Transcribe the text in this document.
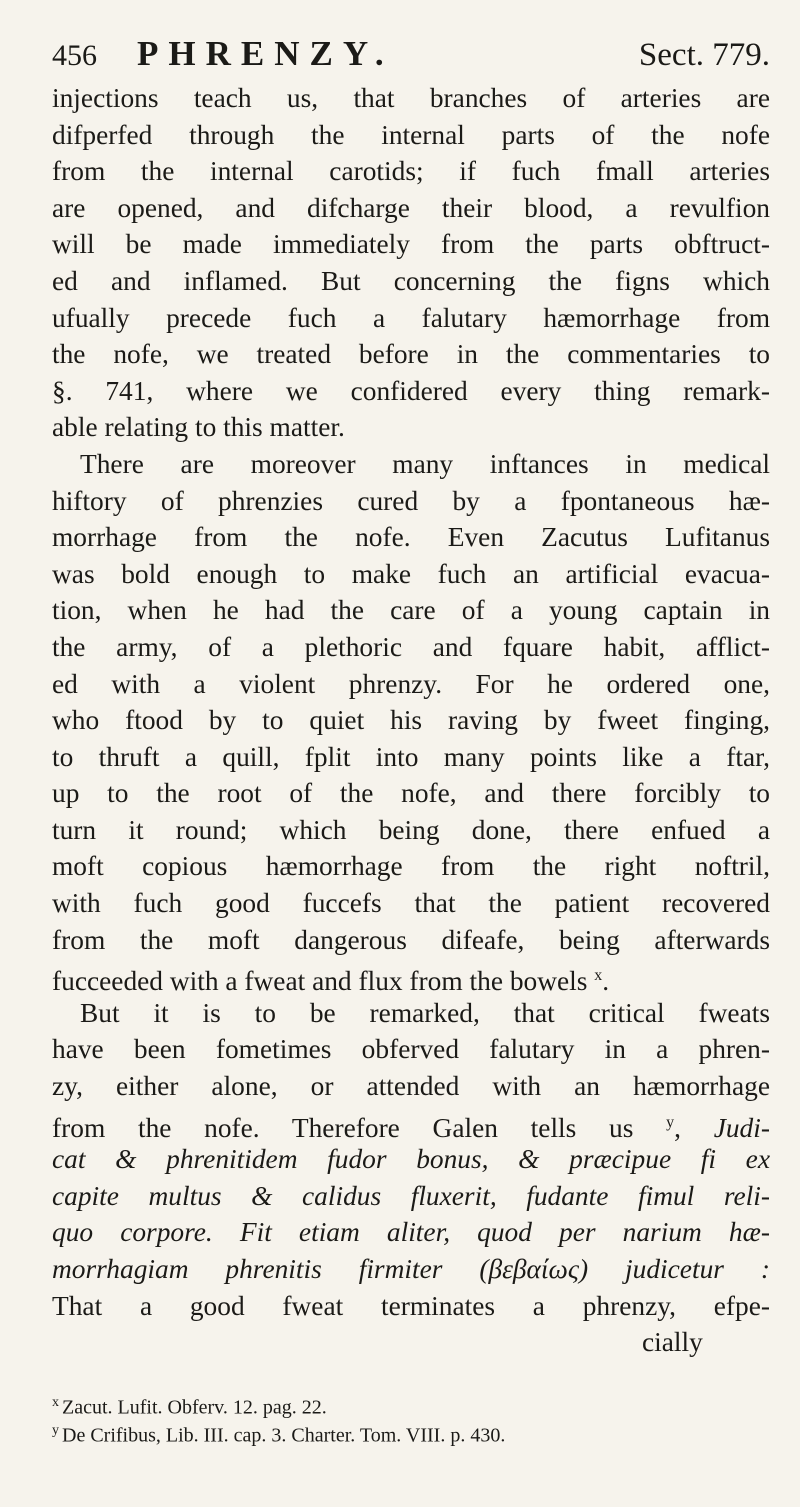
456	PHRENZY.	Sect. 779.
injections teach us, that branches of arteries are
difperfed through the internal parts of the nofe
from the internal carotids; if fuch fmall arteries
are opened, and difcharge their blood, a revulfion
will be made immediately from the parts obftruct-
ed and inflamed. But concerning the figns which
ufually precede fuch a falutary hæmorrhage from
the nofe, we treated before in the commentaries to
§. 741, where we confidered every thing remark-
able relating to this matter.
There are moreover many inftances in medical
hiftory of phrenzies cured by a fpontaneous hæ-
morrhage from the nofe. Even Zacutus Lufitanus
was bold enough to make fuch an artificial evacua-
tion, when he had the care of a young captain in
the army, of a plethoric and fquare habit, afflict-
ed with a violent phrenzy. For he ordered one,
who ftood by to quiet his raving by fweet finging,
to thruft a quill, fplit into many points like a ftar,
up to the root of the nofe, and there forcibly to
turn it round; which being done, there enfued a
moft copious hæmorrhage from the right noftril,
with fuch good fuccefs that the patient recovered
from the moft dangerous difeafe, being afterwards
fucceeded with a fweat and flux from the bowels $^x$.
But it is to be remarked, that critical fweats
have been fometimes obferved falutary in a phren-
zy, either alone, or attended with an hæmorrhage
from the nofe. Therefore Galen tells us $^y$, Judi-
cat & phrenitidem fudor bonus, & præcipue fi ex
capite multus & calidus fluxerit, fudante fimul reli-
quo corpore. Fit etiam aliter, quod per narium hæ-
morrhagiam phrenitis firmiter (βεβαίως) judicetur :
That a good fweat terminates a phrenzy, efpe-
cially
$^x$ Zacut. Lufit. Obferv. 12. pag. 22.
$^y$ De Crifibus, Lib. III. cap. 3. Charter. Tom. VIII. p. 430.
